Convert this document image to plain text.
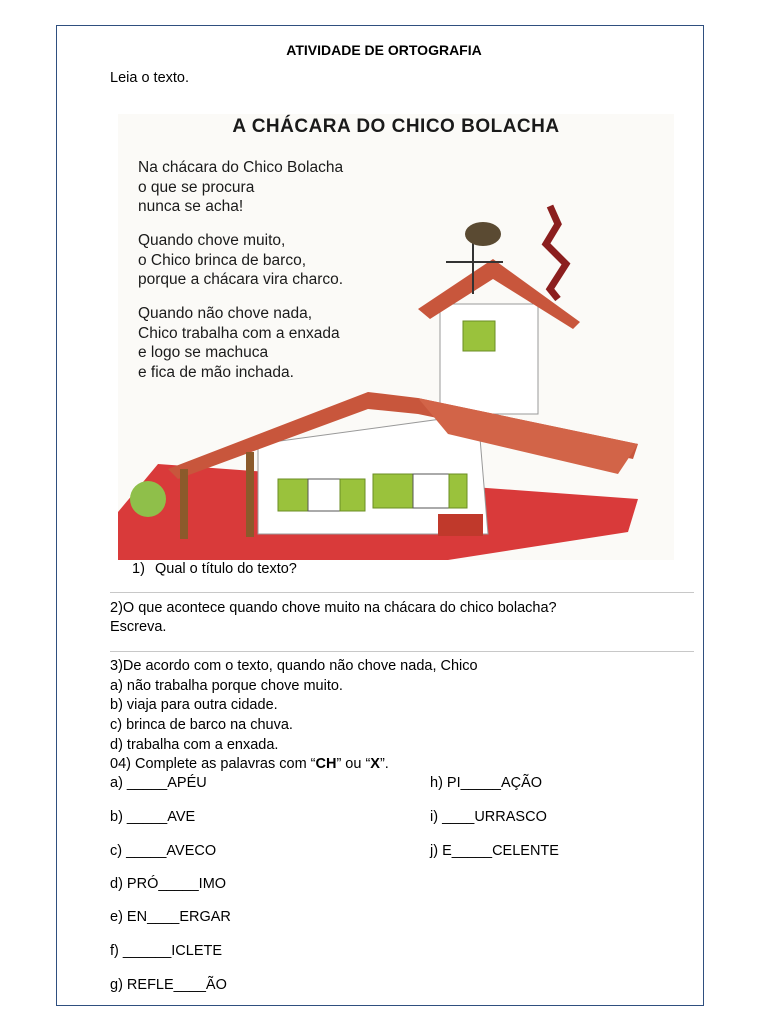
ATIVIDADE DE ORTOGRAFIA
Leia o texto.
A CHÁCARA DO CHICO BOLACHA
Na chácara do Chico Bolacha
o que se procura
nunca se acha!
Quando chove muito,
o Chico brinca de barco,
porque a chácara vira charco.
Quando não chove nada,
Chico trabalha com a enxada
e logo se machuca
e fica de mão inchada.
1) Qual o título do texto?
2)O que acontece quando chove muito na chácara do chico bolacha?
Escreva.
3)De acordo com o texto, quando não chove nada, Chico
a) não trabalha porque chove muito.
b) viaja para outra cidade.
c) brinca de barco na chuva.
d) trabalha com a enxada.
04) Complete as palavras com “CH” ou “X”.
a) _____APÉU
b) _____AVE
c) _____AVECO
d) PRÓ_____IMO
e) EN____ERGAR
f) ______ICLETE
g) REFLE____ÃO
h) PI_____AÇÃO
i) ____URRASCO
j) E_____CELENTE
